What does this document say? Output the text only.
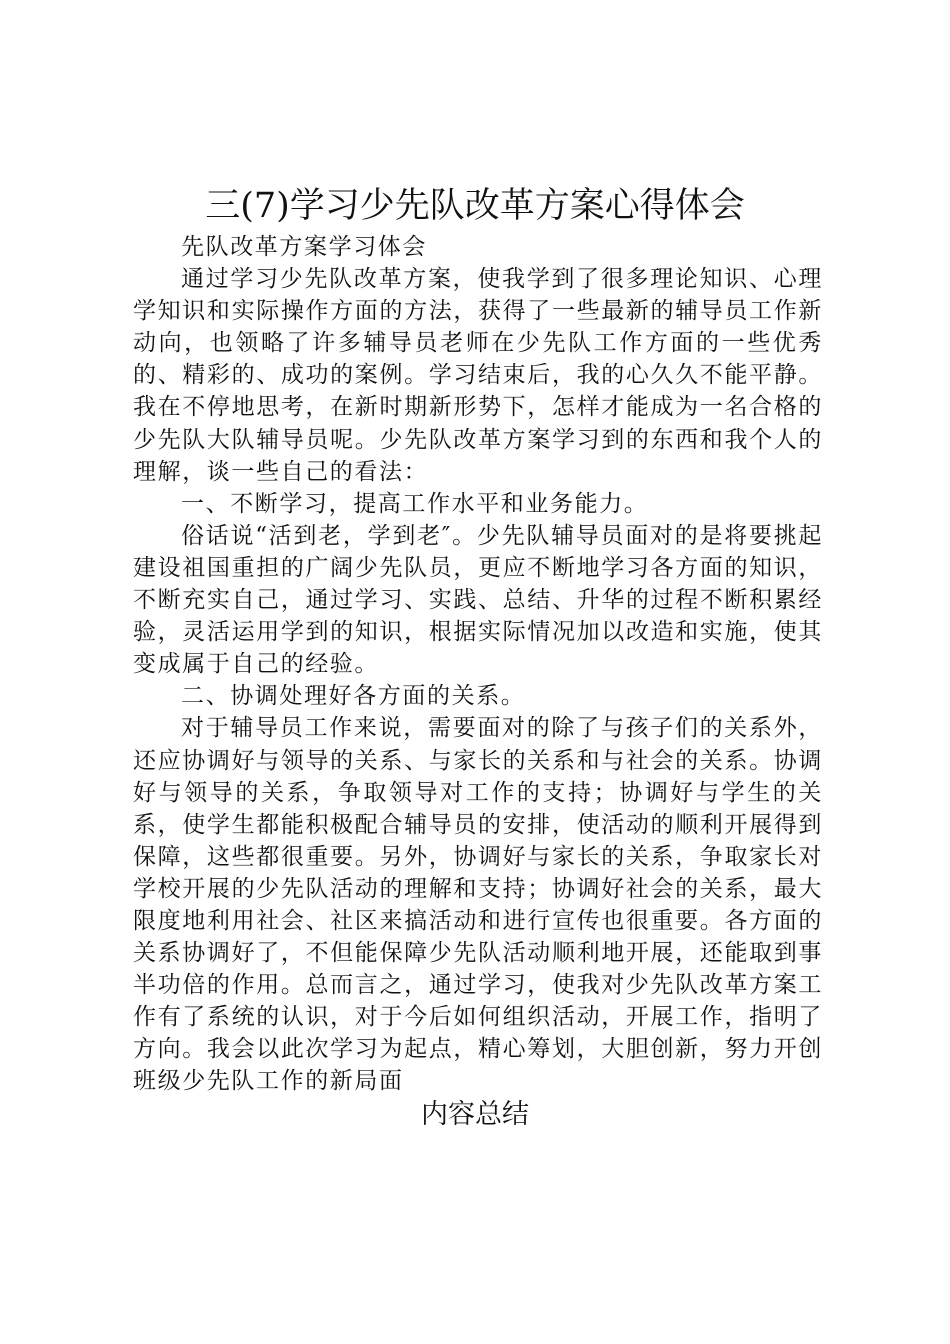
三(7)学习少先队改革方案心得体会

先队改革方案学习体会

通过学习少先队改革方案，使我学到了很多理论知识、心理学知识和实际操作方面的方法，获得了一些最新的辅导员工作新动向，也领略了许多辅导员老师在少先队工作方面的一些优秀的、精彩的、成功的案例。学习结束后，我的心久久不能平静。我在不停地思考，在新时期新形势下，怎样才能成为一名合格的少先队大队辅导员呢。少先队改革方案学习到的东西和我个人的理解，谈一些自己的看法：

一、不断学习，提高工作水平和业务能力。

俗话说“活到老，学到老″。少先队辅导员面对的是将要挑起建设祖国重担的广阔少先队员，更应不断地学习各方面的知识，不断充实自己，通过学习、实践、总结、升华的过程不断积累经验，灵活运用学到的知识，根据实际情况加以改造和实施，使其变成属于自己的经验。

二、协调处理好各方面的关系。

对于辅导员工作来说，需要面对的除了与孩子们的关系外，还应协调好与领导的关系、与家长的关系和与社会的关系。协调好与领导的关系，争取领导对工作的支持；协调好与学生的关系，使学生都能积极配合辅导员的安排，使活动的顺利开展得到保障，这些都很重要。另外，协调好与家长的关系，争取家长对学校开展的少先队活动的理解和支持；协调好社会的关系，最大限度地利用社会、社区来搞活动和进行宣传也很重要。各方面的关系协调好了，不但能保障少先队活动顺利地开展，还能取到事半功倍的作用。总而言之，通过学习，使我对少先队改革方案工作有了系统的认识，对于今后如何组织活动，开展工作，指明了方向。我会以此次学习为起点，精心筹划，大胆创新，努力开创班级少先队工作的新局面

内容总结
